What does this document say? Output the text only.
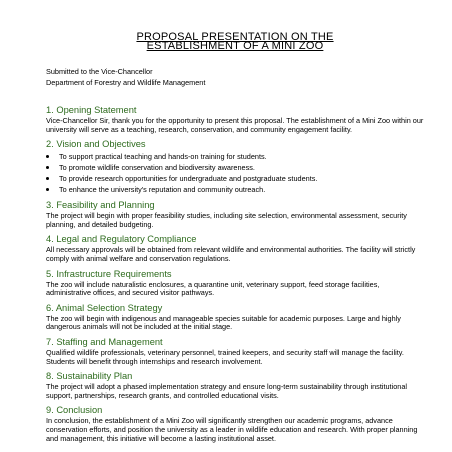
PROPOSAL PRESENTATION ON THE
ESTABLISHMENT OF A MINI ZOO
Submitted to the Vice-Chancellor
Department of Forestry and Wildlife Management
1. Opening Statement

Vice-Chancellor Sir, thank you for the opportunity to present this proposal. The establishment of a Mini Zoo within our university will serve as a teaching, research, conservation, and community engagement facility.

2. Vision and Objectives
To support practical teaching and hands-on training for students.
To promote wildlife conservation and biodiversity awareness.
To provide research opportunities for undergraduate and postgraduate students.
To enhance the university's reputation and community outreach.
3. Feasibility and Planning

The project will begin with proper feasibility studies, including site selection, environmental assessment, security planning, and detailed budgeting.

4. Legal and Regulatory Compliance

All necessary approvals will be obtained from relevant wildlife and environmental authorities. The facility will strictly comply with animal welfare and conservation regulations.

5. Infrastructure Requirements

The zoo will include naturalistic enclosures, a quarantine unit, veterinary support, feed storage facilities, administrative offices, and secured visitor pathways.

6. Animal Selection Strategy

The zoo will begin with indigenous and manageable species suitable for academic purposes. Large and highly dangerous animals will not be included at the initial stage.

7. Staffing and Management

Qualified wildlife professionals, veterinary personnel, trained keepers, and security staff will manage the facility. Students will benefit through internships and research involvement.

8. Sustainability Plan

The project will adopt a phased implementation strategy and ensure long-term sustainability through institutional support, partnerships, research grants, and controlled educational visits.

9. Conclusion

In conclusion, the establishment of a Mini Zoo will significantly strengthen our academic programs, advance conservation efforts, and position the university as a leader in wildlife education and research. With proper planning and management, this initiative will become a lasting institutional asset.
